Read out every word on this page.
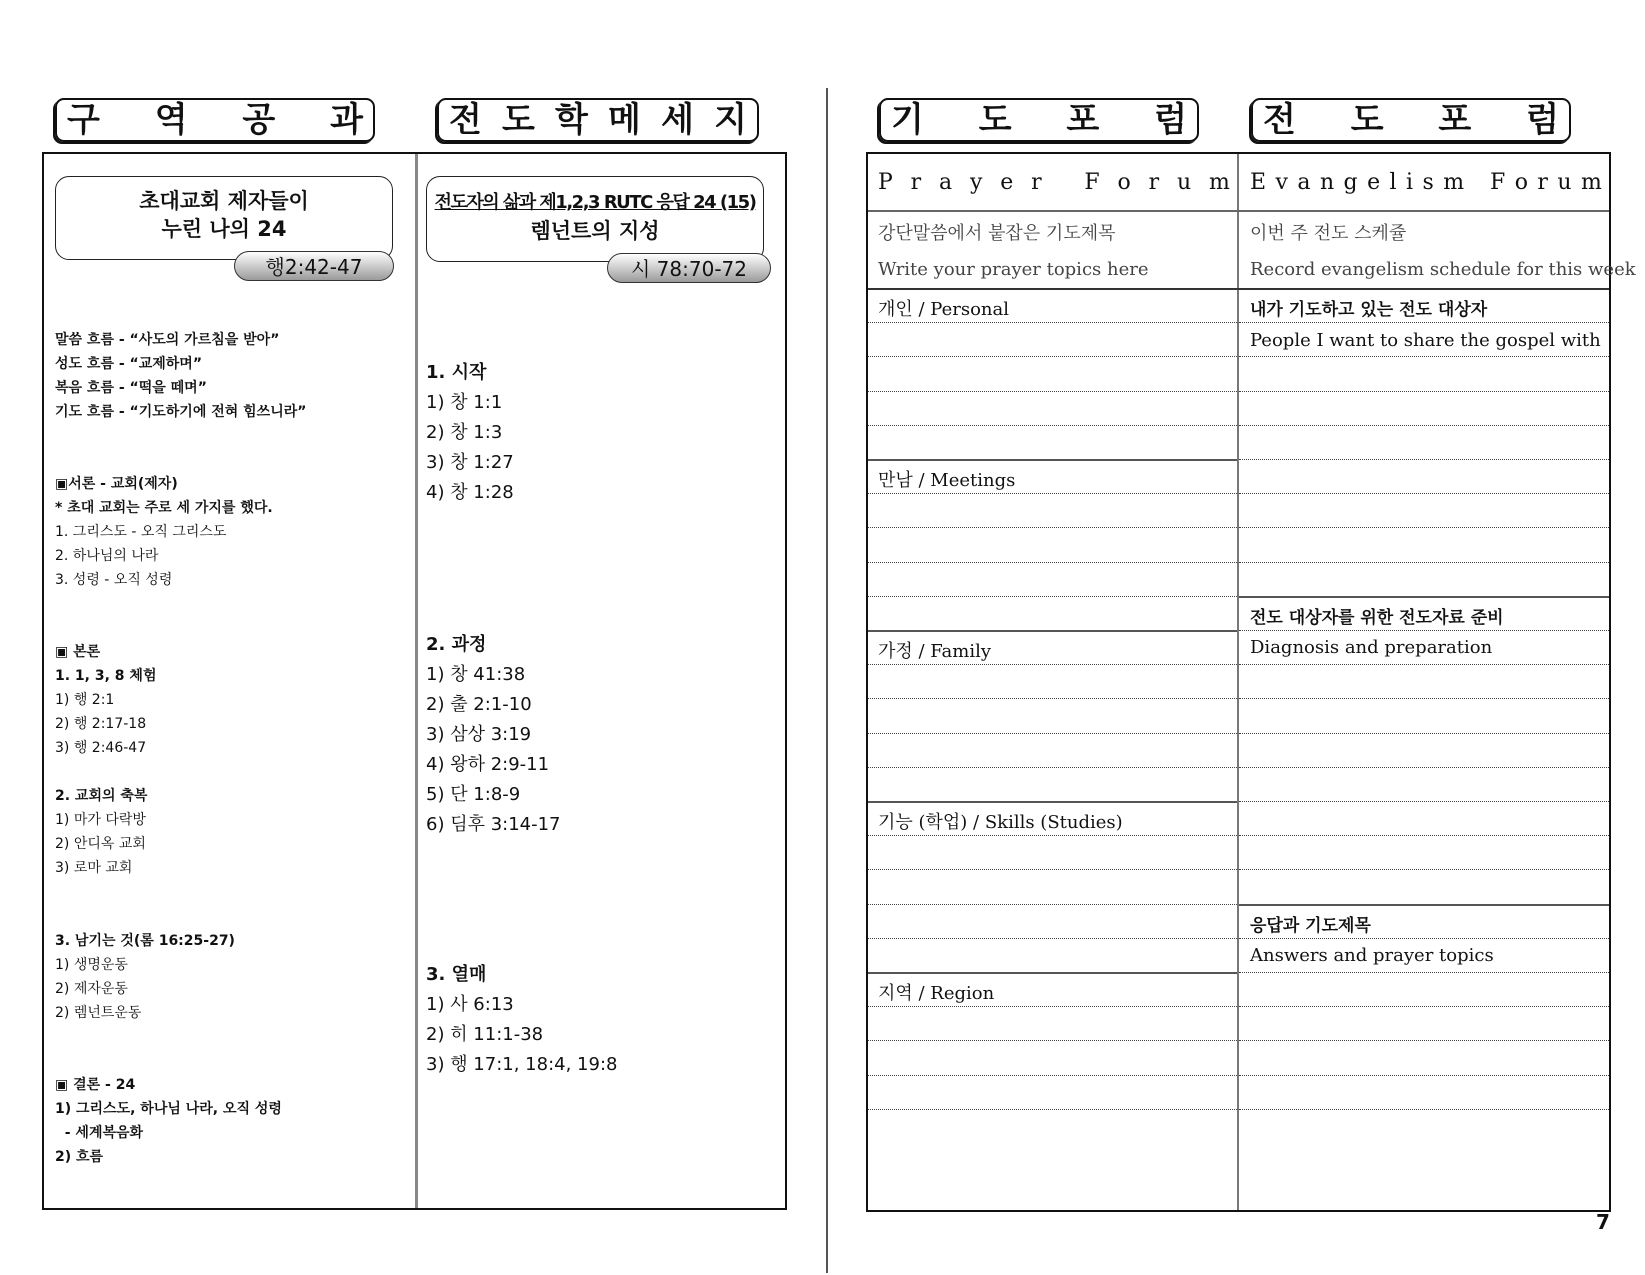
구 역 공 과	전 도 학 메 세 지	기 도 포 럼 전 도 포 럼
초대교회 제자들이
누린 나의 24
행2:42-47
말씀 흐름 - “사도의 가르침을 받아”
성도 흐름 - “교제하며”
복음 흐름 - “떡을 떼며”
기도 흐름 - “기도하기에 전혀 힘쓰니라”
▣서론 - 교회(제자)
* 초대 교회는 주로 세 가지를 했다.
1. 그리스도 - 오직 그리스도
2. 하나님의 나라
3. 성령 - 오직 성령
▣ 본론
1. 1, 3, 8 체험
1) 행 2:1
2) 행 2:17-18
3) 행 2:46-47
2. 교회의 축복
1) 마가 다락방
2) 안디옥 교회
3) 로마 교회
3. 남기는 것(롬 16:25-27)
1) 생명운동
2) 제자운동
2) 렘넌트운동
▣ 결론 - 24
1) 그리스도, 하나님 나라, 오직 성령
- 세계복음화
2) 흐름
전도자의 삶과 제1,2,3 RUTC 응답 24 (15)
렘넌트의 지성
시 78:70-72
1. 시작
1) 창 1:1
2) 창 1:3
3) 창 1:27
4) 창 1:28
2. 과정
1) 창 41:38
2) 출 2:1-10
3) 삼상 3:19
4) 왕하 2:9-11
5) 단 1:8-9
6) 딤후 3:14-17
3. 열매
1) 사 6:13
2) 히 11:1-38
3) 행 17:1, 18:4, 19:8
P r a y e r
F o r u m E v a n g e l i s m
F o r u m
강단말씀에서 붙잡은 기도제목
Write your prayer topics here
이번 주 전도 스케쥴
Record evangelism schedule for this week
개인 / Personal
만남 / Meetings
가정 / Family
기능 (학업) / Skills (Studies)
지역 / Region
내가 기도하고 있는 전도 대상자
People I want to share the gospel with
전도 대상자를 위한 전도자료 준비
Diagnosis and preparation
응답과 기도제목
Answers and prayer topics
7
